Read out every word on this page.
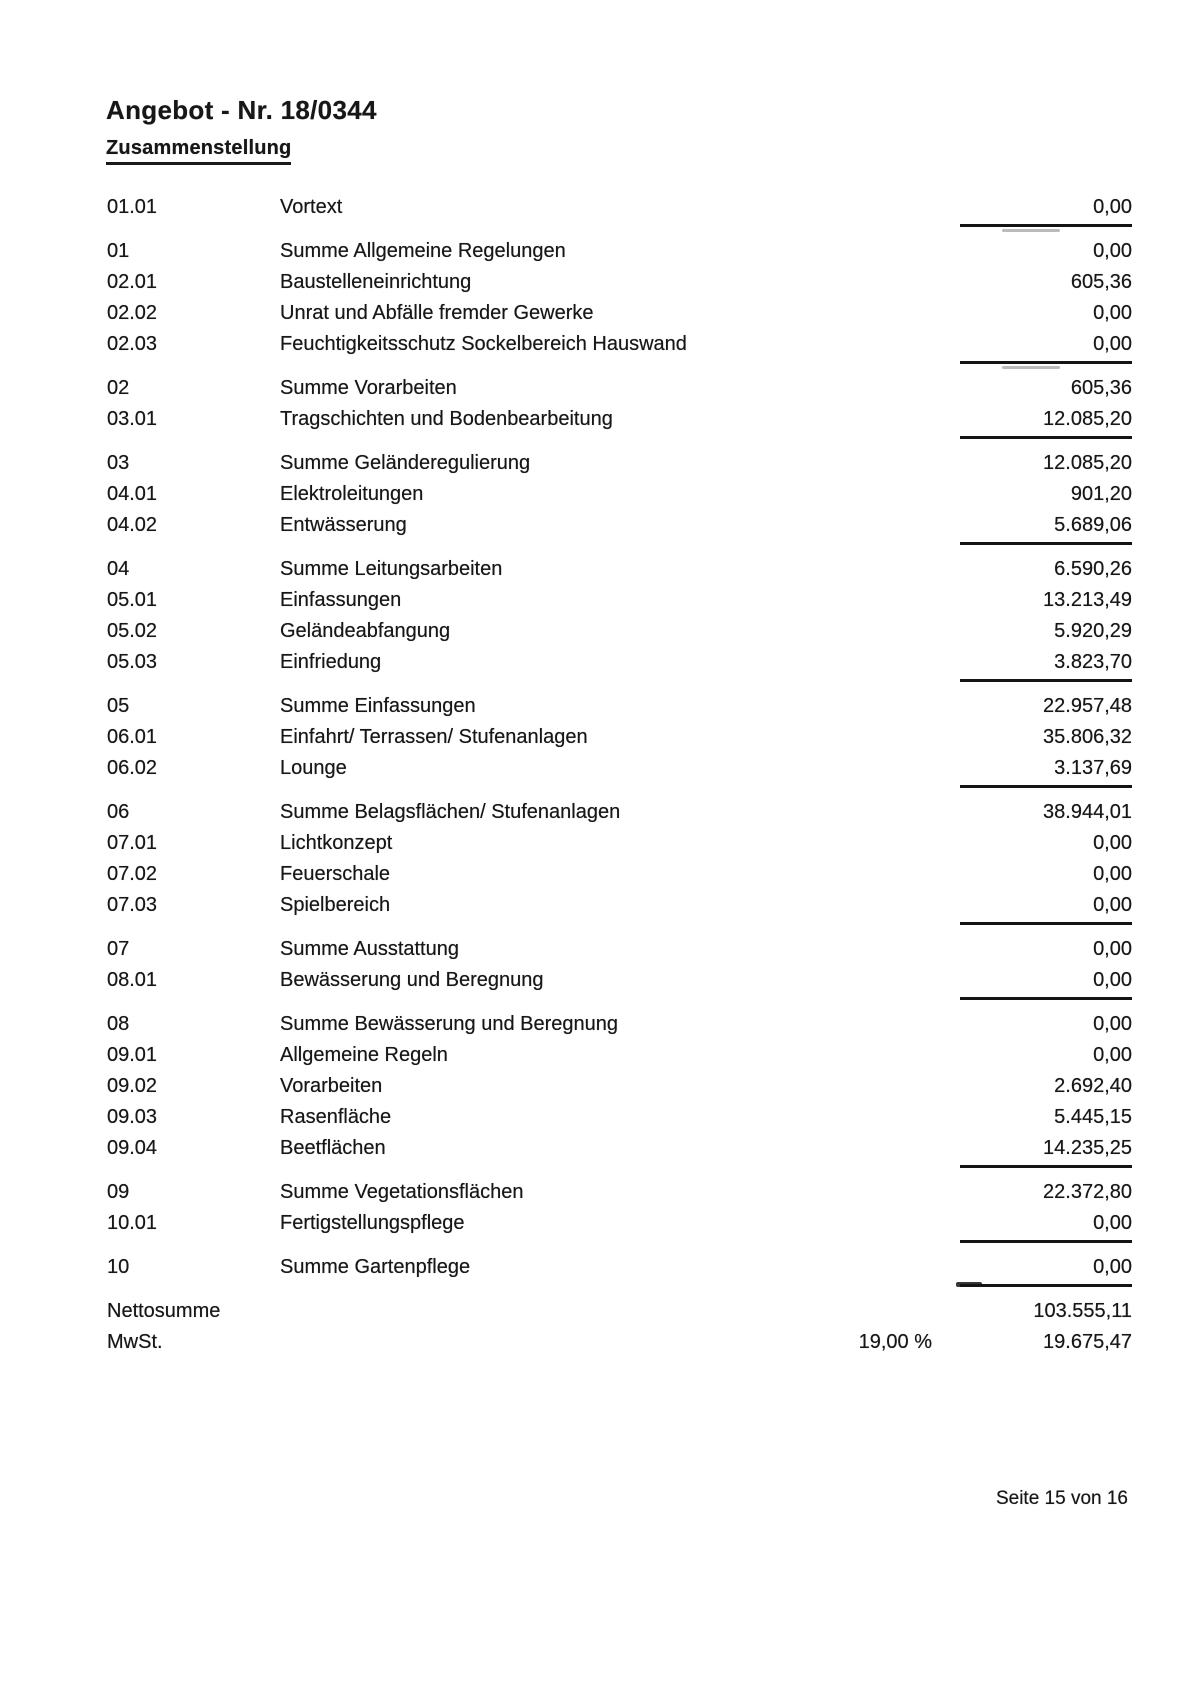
Angebot - Nr. 18/0344
Zusammenstellung
01.01	Vortext	0,00
01	Summe Allgemeine Regelungen	0,00
02.01	Baustelleneinrichtung	605,36
02.02	Unrat und Abfälle fremder Gewerke	0,00
02.03	Feuchtigkeitsschutz Sockelbereich Hauswand	0,00
02	Summe Vorarbeiten	605,36
03.01	Tragschichten und Bodenbearbeitung	12.085,20
03	Summe Geländeregulierung	12.085,20
04.01	Elektroleitungen	901,20
04.02	Entwässerung	5.689,06
04	Summe Leitungsarbeiten	6.590,26
05.01	Einfassungen	13.213,49
05.02	Geländeabfangung	5.920,29
05.03	Einfriedung	3.823,70
05	Summe Einfassungen	22.957,48
06.01	Einfahrt/ Terrassen/ Stufenanlagen	35.806,32
06.02	Lounge	3.137,69
06	Summe Belagsflächen/ Stufenanlagen	38.944,01
07.01	Lichtkonzept	0,00
07.02	Feuerschale	0,00
07.03	Spielbereich	0,00
07	Summe Ausstattung	0,00
08.01	Bewässerung und Beregnung	0,00
08	Summe Bewässerung und Beregnung	0,00
09.01	Allgemeine Regeln	0,00
09.02	Vorarbeiten	2.692,40
09.03	Rasenfläche	5.445,15
09.04	Beetflächen	14.235,25
09	Summe Vegetationsflächen	22.372,80
10.01	Fertigstellungspflege	0,00
10	Summe Gartenpflege	0,00
Nettosumme	103.555,11
MwSt.	19,00 %	19.675,47
Seite 15 von 16
